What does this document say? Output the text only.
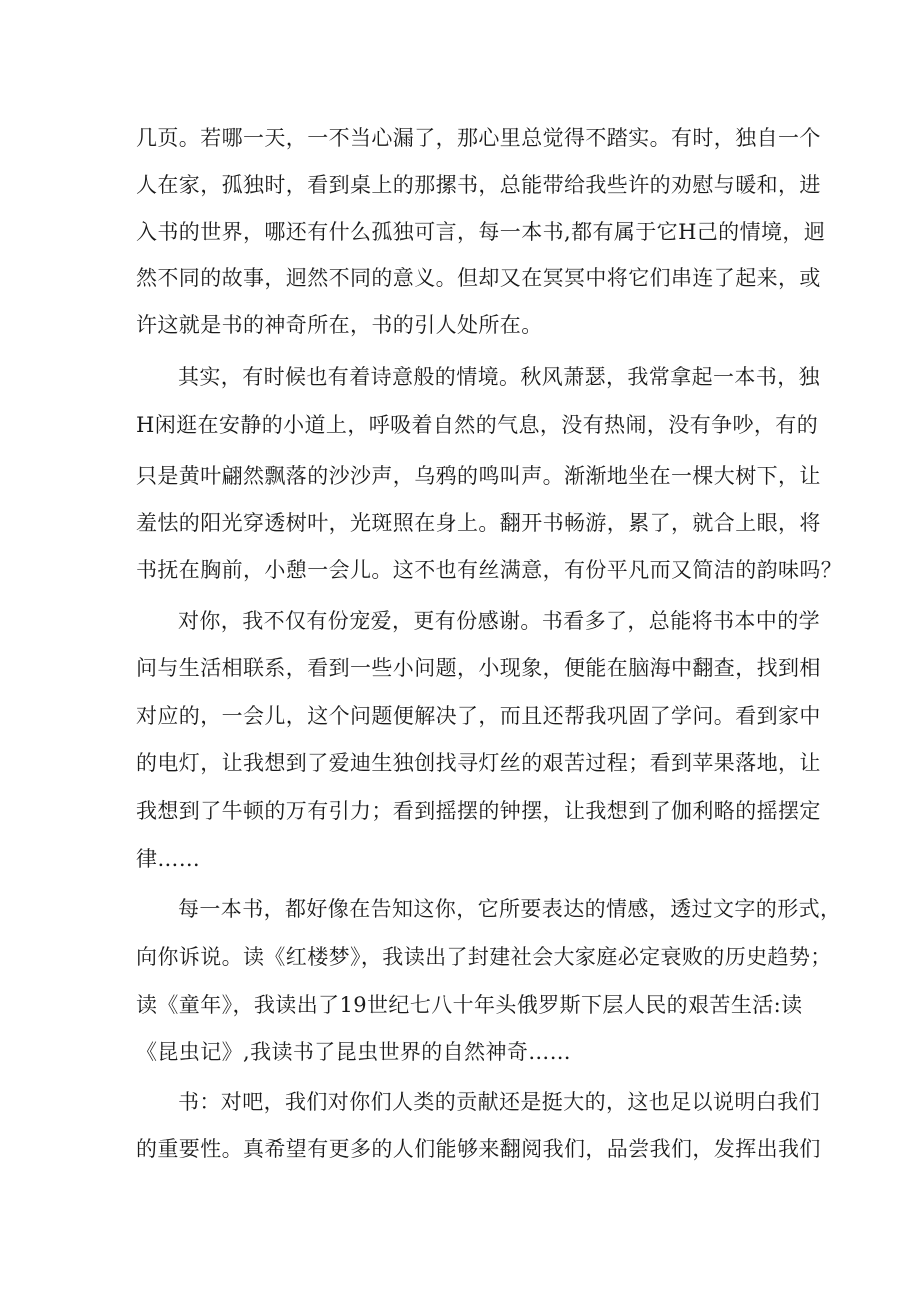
几页。若哪一天，一不当心漏了，那心里总觉得不踏实。有时，独自一个

人在家，孤独时，看到桌上的那摞书，总能带给我些许的劝慰与暖和，进

入书的世界，哪还有什么孤独可言，每一本书,都有属于它H己的情境，迥

然不同的故事，迥然不同的意义。但却又在冥冥中将它们串连了起来，或

许这就是书的神奇所在，书的引人处所在。

其实，有时候也有着诗意般的情境。秋风萧瑟，我常拿起一本书，独

H闲逛在安静的小道上，呼吸着自然的气息，没有热闹，没有争吵，有的

只是黄叶翩然飘落的沙沙声，乌鸦的鸣叫声。渐渐地坐在一棵大树下，让

羞怯的阳光穿透树叶，光斑照在身上。翻开书畅游，累了，就合上眼，将

书抚在胸前，小憩一会儿。这不也有丝满意，有份平凡而又简洁的韵味吗？

对你，我不仅有份宠爱，更有份感谢。书看多了，总能将书本中的学

问与生活相联系，看到一些小问题，小现象，便能在脑海中翻查，找到相

对应的，一会儿，这个问题便解决了，而且还帮我巩固了学问。看到家中

的电灯，让我想到了爱迪生独创找寻灯丝的艰苦过程；看到苹果落地，让

我想到了牛顿的万有引力；看到摇摆的钟摆，让我想到了伽利略的摇摆定

律……

每一本书，都好像在告知这你，它所要表达的情感，透过文字的形式，

向你诉说。读《红楼梦》，我读出了封建社会大家庭必定衰败的历史趋势；

读《童年》，我读出了19世纪七八十年头俄罗斯下层人民的艰苦生活:读

《昆虫记》,我读书了昆虫世界的自然神奇……

书：对吧，我们对你们人类的贡献还是挺大的，这也足以说明白我们

的重要性。真希望有更多的人们能够来翻阅我们，品尝我们，发挥出我们
